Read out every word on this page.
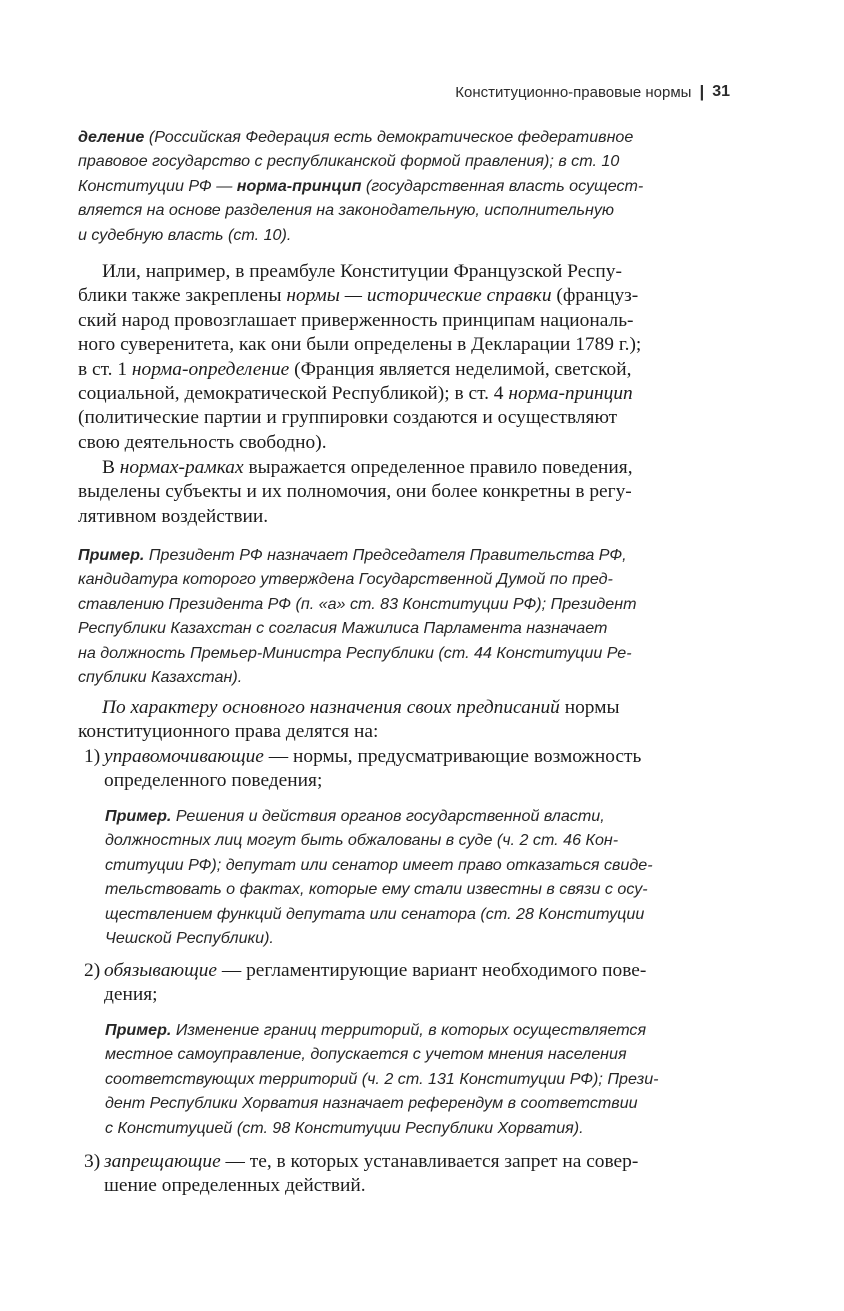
Конституционно-правовые нормы | 31
деление (Российская Федерация есть демократическое федеративное
правовое государство с республиканской формой правления); в ст. 10
Конституции РФ — норма-принцип (государственная власть осущест-
вляется на основе разделения на законодательную, исполнительную
и судебную власть (ст. 10).
Или, например, в преамбуле Конституции Французской Респу-
блики также закреплены нормы — исторические справки (француз-
ский народ провозглашает приверженность принципам националь-
ного суверенитета, как они были определены в Декларации 1789 г.);
в ст. 1 норма-определение (Франция является неделимой, светской,
социальной, демократической Республикой); в ст. 4 норма-принцип
(политические партии и группировки создаются и осуществляют
свою деятельность свободно).
В нормах-рамках выражается определенное правило поведения,
выделены субъекты и их полномочия, они более конкретны в регу-
лятивном воздействии.
Пример. Президент РФ назначает Председателя Правительства РФ,
кандидатура которого утверждена Государственной Думой по пред-
ставлению Президента РФ (п. «а» ст. 83 Конституции РФ); Президент
Республики Казахстан с согласия Мажилиса Парламента назначает
на должность Премьер-Министра Республики (ст. 44 Конституции Ре-
спублики Казахстан).
По характеру основного назначения своих предписаний нормы
конституционного права делятся на:
1) управомочивающие — нормы, предусматривающие возможность
определенного поведения;
Пример. Решения и действия органов государственной власти,
должностных лиц могут быть обжалованы в суде (ч. 2 ст. 46 Кон-
ституции РФ); депутат или сенатор имеет право отказаться свиде-
тельствовать о фактах, которые ему стали известны в связи с осу-
ществлением функций депутата или сенатора (ст. 28 Конституции
Чешской Республики).
2) обязывающие — регламентирующие вариант необходимого пове-
дения;
Пример. Изменение границ территорий, в которых осуществляется
местное самоуправление, допускается с учетом мнения населения
соответствующих территорий (ч. 2 ст. 131 Конституции РФ); Прези-
дент Республики Хорватия назначает референдум в соответствии
с Конституцией (ст. 98 Конституции Республики Хорватия).
3) запрещающие — те, в которых устанавливается запрет на совер-
шение определенных действий.
